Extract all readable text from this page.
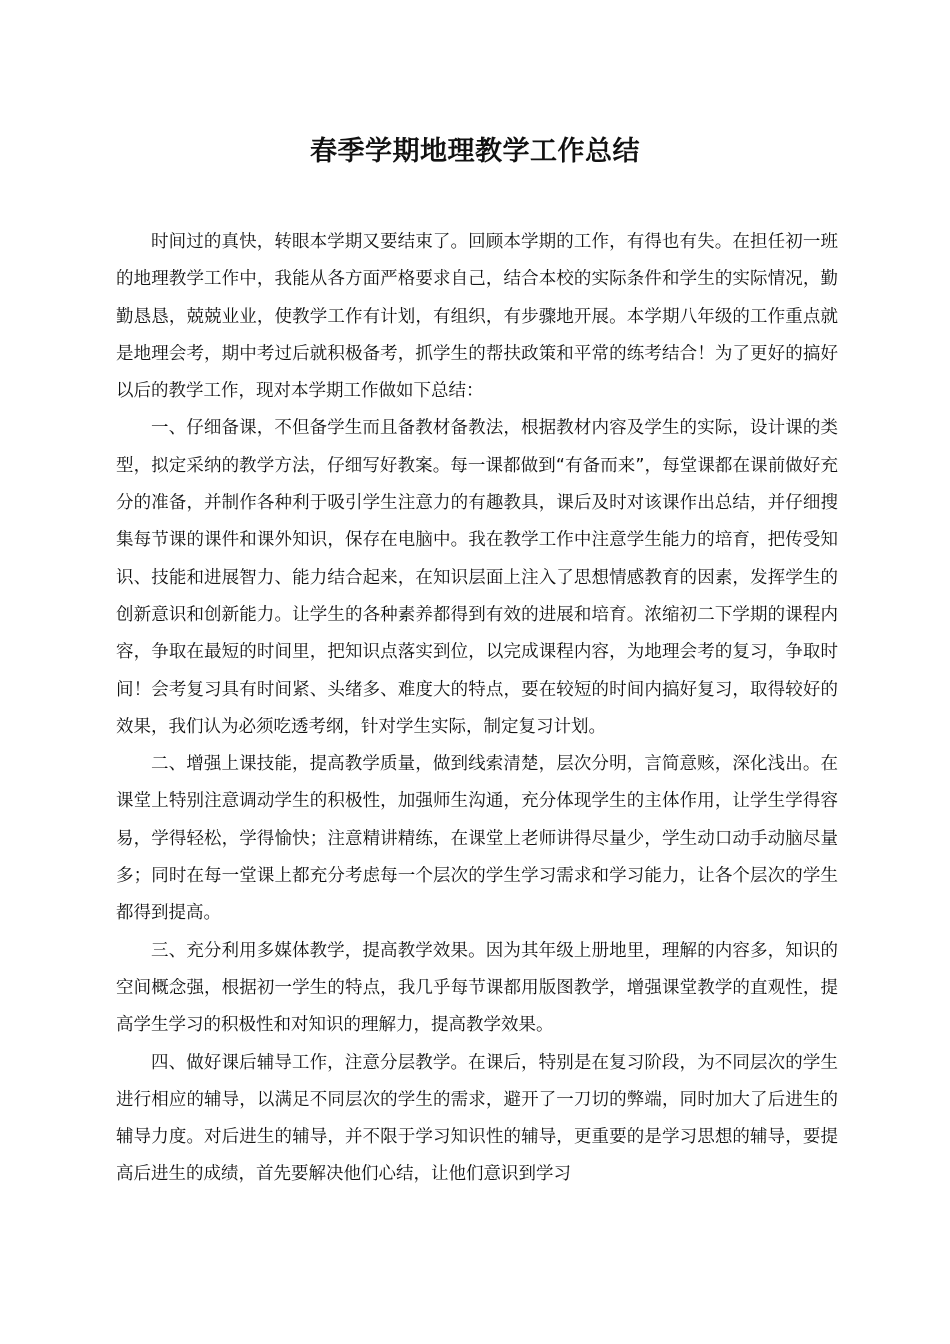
春季学期地理教学工作总结

时间过的真快，转眼本学期又要结束了。回顾本学期的工作，有得也有失。在担任初一班的地理教学工作中，我能从各方面严格要求自己，结合本校的实际条件和学生的实际情况，勤勤恳恳，兢兢业业，使教学工作有计划，有组织，有步骤地开展。本学期八年级的工作重点就是地理会考，期中考过后就积极备考，抓学生的帮扶政策和平常的练考结合！为了更好的搞好以后的教学工作，现对本学期工作做如下总结：

一、仔细备课，不但备学生而且备教材备教法，根据教材内容及学生的实际，设计课的类型，拟定采纳的教学方法，仔细写好教案。每一课都做到“有备而来”，每堂课都在课前做好充分的准备，并制作各种利于吸引学生注意力的有趣教具，课后及时对该课作出总结，并仔细搜集每节课的课件和课外知识，保存在电脑中。我在教学工作中注意学生能力的培育，把传受知识、技能和进展智力、能力结合起来，在知识层面上注入了思想情感教育的因素，发挥学生的创新意识和创新能力。让学生的各种素养都得到有效的进展和培育。浓缩初二下学期的课程内容，争取在最短的时间里，把知识点落实到位，以完成课程内容，为地理会考的复习，争取时间！会考复习具有时间紧、头绪多、难度大的特点，要在较短的时间内搞好复习，取得较好的效果，我们认为必须吃透考纲，针对学生实际，制定复习计划。

二、增强上课技能，提高教学质量，做到线索清楚，层次分明，言简意赅，深化浅出。在课堂上特别注意调动学生的积极性，加强师生沟通，充分体现学生的主体作用，让学生学得容易，学得轻松，学得愉快；注意精讲精练，在课堂上老师讲得尽量少，学生动口动手动脑尽量多；同时在每一堂课上都充分考虑每一个层次的学生学习需求和学习能力，让各个层次的学生都得到提高。

三、充分利用多媒体教学，提高教学效果。因为其年级上册地里，理解的内容多，知识的空间概念强，根据初一学生的特点，我几乎每节课都用版图教学，增强课堂教学的直观性，提高学生学习的积极性和对知识的理解力，提高教学效果。

四、做好课后辅导工作，注意分层教学。在课后，特别是在复习阶段，为不同层次的学生进行相应的辅导，以满足不同层次的学生的需求，避开了一刀切的弊端，同时加大了后进生的辅导力度。对后进生的辅导，并不限于学习知识性的辅导，更重要的是学习思想的辅导，要提高后进生的成绩，首先要解决他们心结，让他们意识到学习
